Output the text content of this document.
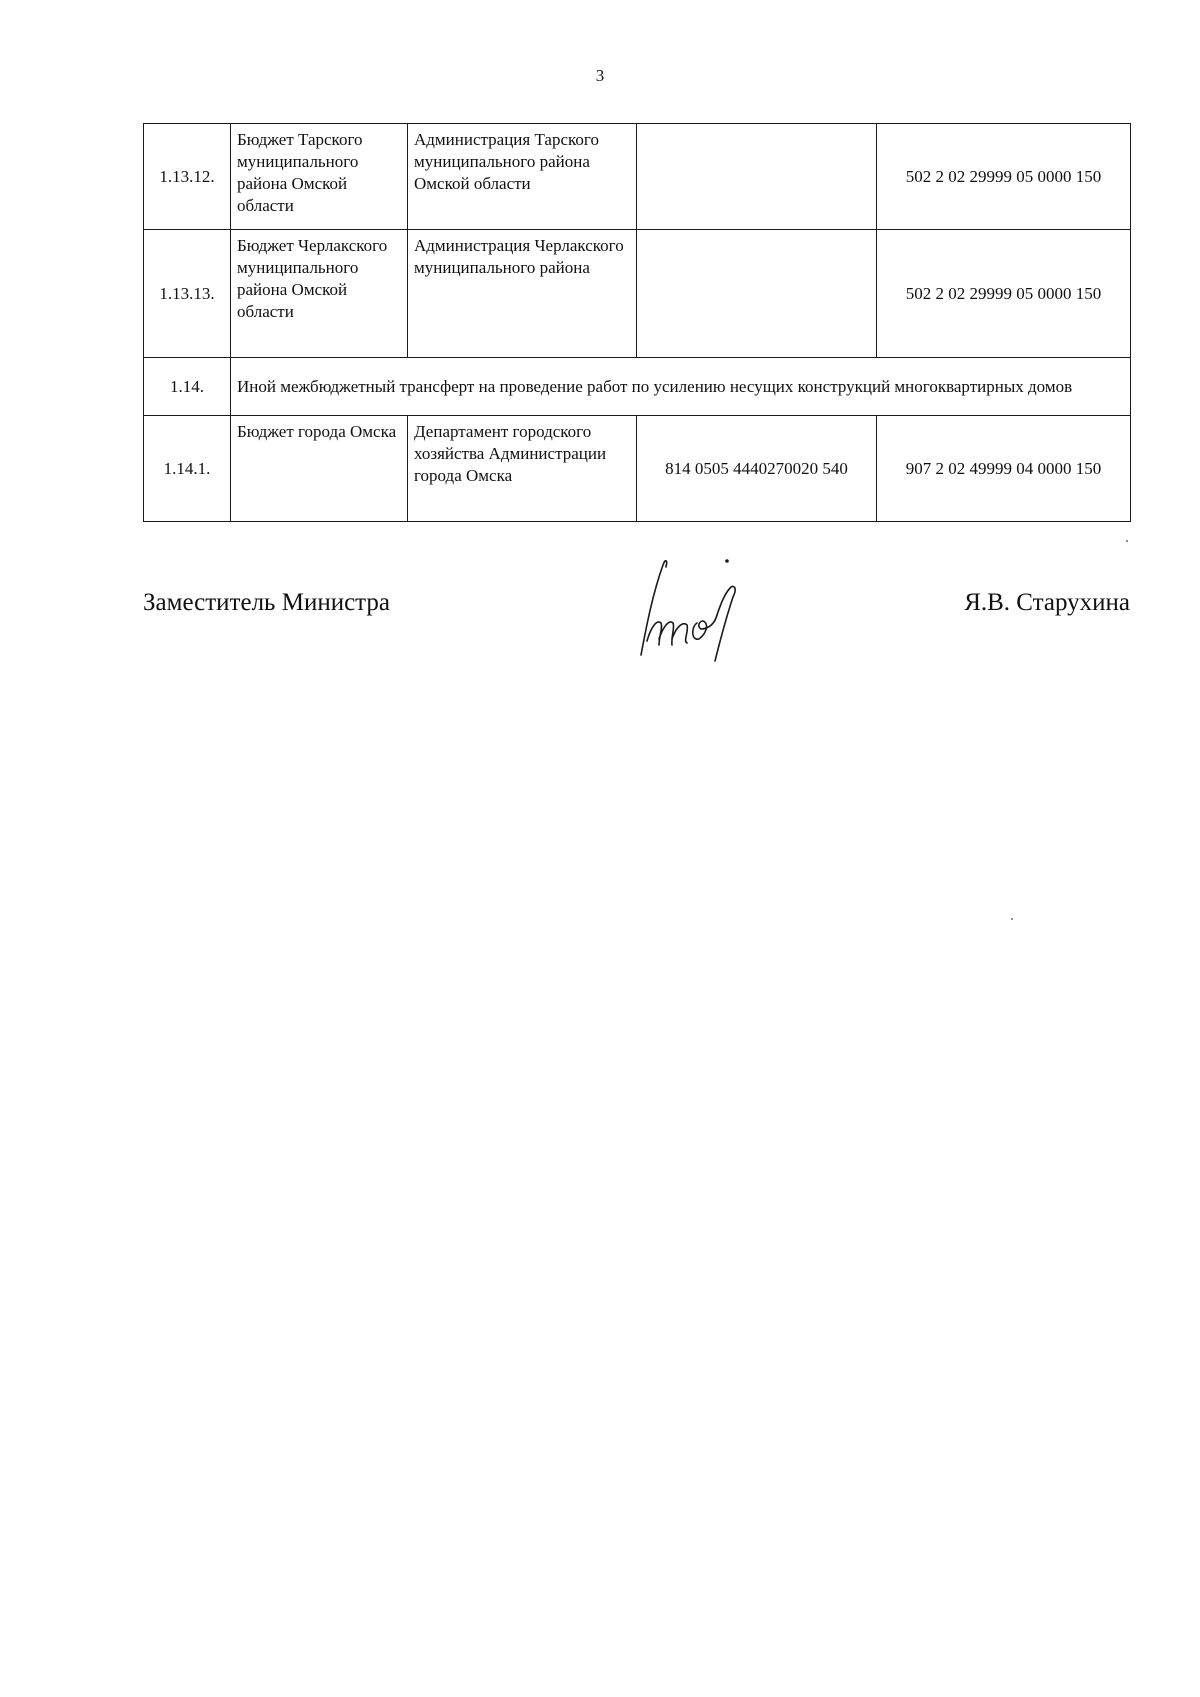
3
1.13.12.	Бюджет Тарского муниципального района Омской области	Администрация Тарского муниципального района Омской области		502 2 02 29999 05 0000 150
1.13.13.	Бюджет Черлакского муниципального района Омской области	Администрация Черлакского муниципального района		502 2 02 29999 05 0000 150
1.14.	Иной межбюджетный трансферт на проведение работ по усилению несущих конструкций многоквартирных домов			
1.14.1.	Бюджет города Омска	Департамент городского хозяйства Администрации города Омска	814 0505 4440270020 540	907 2 02 49999 04 0000 150
Заместитель Министра	Я.В. Старухина
